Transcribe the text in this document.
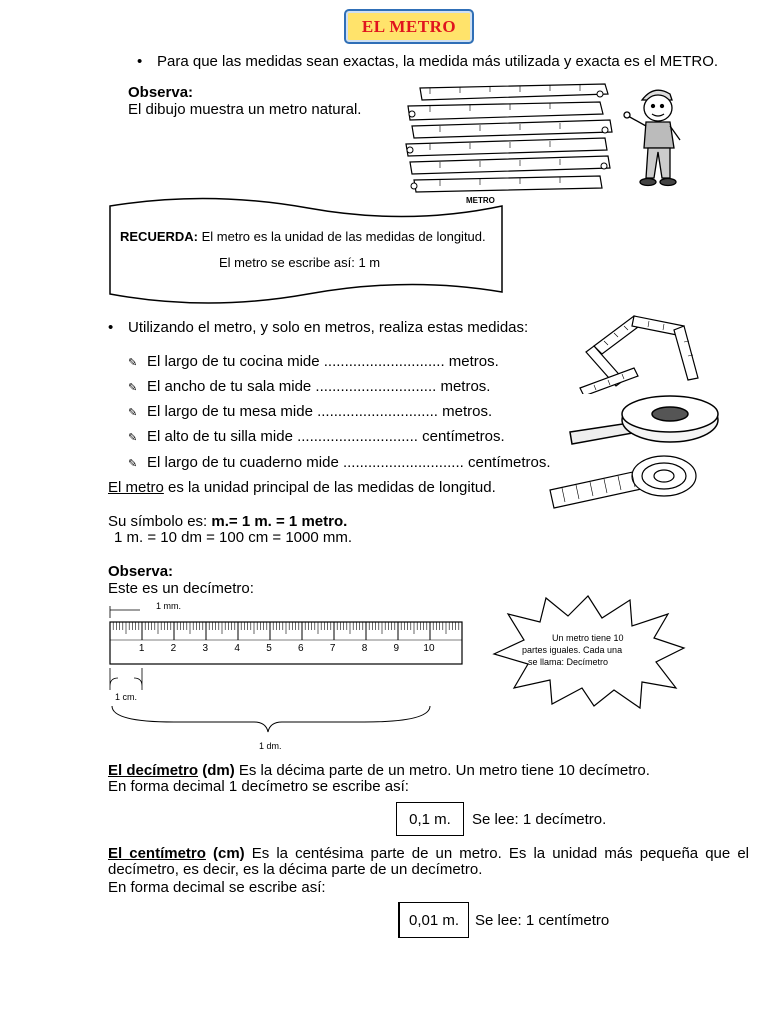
EL METRO
• Para que las medidas sean exactas, la medida más utilizada y exacta es el METRO.
Observa:
El dibujo muestra un metro natural.
METRO
RECUERDA: El metro es la unidad de las medidas de longitud.
El metro se escribe así: 1 m
• Utilizando el metro, y solo en metros, realiza estas medidas:
✎ El largo de tu cocina mide ............................. metros.
✎ El ancho de tu sala mide ............................. metros.
✎ El largo de tu mesa mide ............................. metros.
✎ El alto de tu silla mide ............................. centímetros.
✎ El largo de tu cuaderno mide ............................. centímetros.
El metro es la unidad principal de las medidas de longitud.
Su símbolo es: m.= 1 m. = 1 metro.
1 m. = 10 dm = 100 cm = 1000 mm.
Observa:
Este es un decímetro:
1 mm.
1 cm.
1 dm.
1	2	3	4	5	6	7	8	9 10
Un metro tiene 10
partes iguales. Cada una
se llama: Decímetro
El decímetro (dm) Es la décima parte de un metro. Un metro tiene 10 decímetro.
En forma decimal 1 decímetro se escribe así:
0,1 m.	Se lee: 1 decímetro.
El centímetro (cm) Es la centésima parte de un metro. Es la unidad más pequeña que el decímetro, es decir, es la décima parte de un decímetro.
En forma decimal se escribe así:
0,01 m.	Se lee: 1 centímetro
